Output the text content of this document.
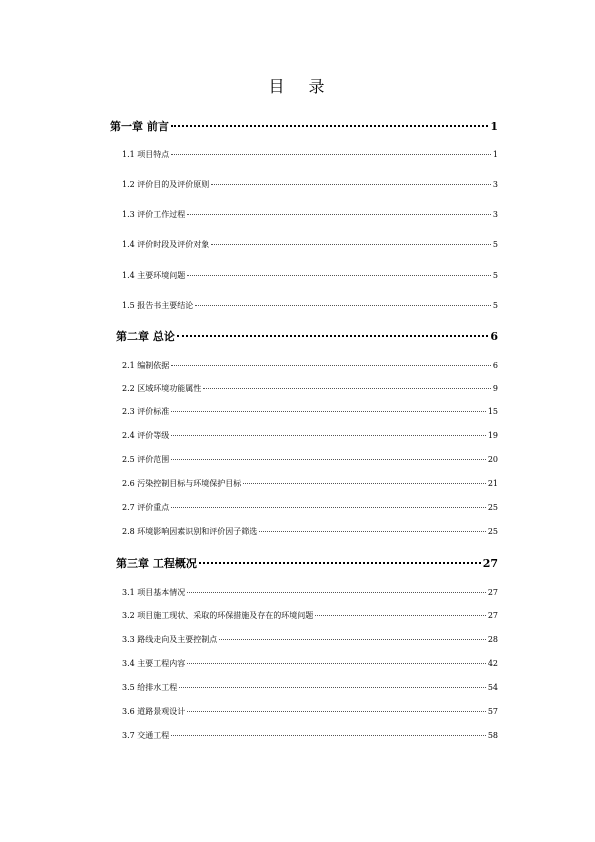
目 录
第一章 前言	1
1.1 项目特点	1
1.2 评价目的及评价原则	3
1.3 评价工作过程	3
1.4 评价时段及评价对象	5
1.4 主要环境问题	5
1.5 报告书主要结论	5
第二章 总论	6
2.1 编制依据	6
2.2 区域环境功能属性	9
2.3 评价标准	15
2.4 评价等级	19
2.5 评价范围	20
2.6 污染控制目标与环境保护目标	21
2.7 评价重点	25
2.8 环境影响因素识别和评价因子筛选	25
第三章 工程概况	27
3.1 项目基本情况	27
3.2 项目施工现状、采取的环保措施及存在的环境问题	27
3.3 路线走向及主要控制点	28
3.4 主要工程内容	42
3.5 给排水工程	54
3.6 道路景观设计	57
3.7 交通工程	58
